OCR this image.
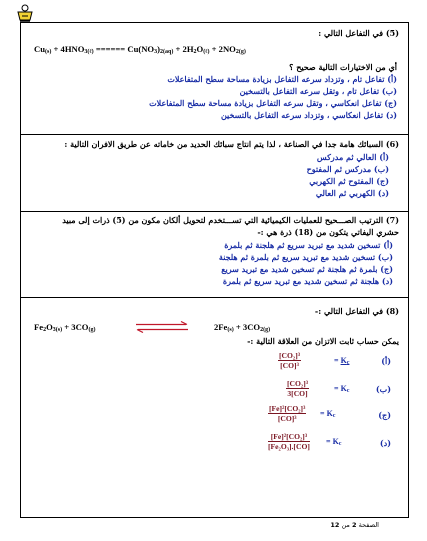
(5) في التفاعل التالي :
$Cu_{(s)} + 4HNO_{3(\ell)}$ ====== $Cu(NO_3)_{2(aq)} + 2H_2O_{(\ell)} + 2NO_{2(g)}$
أي من الاختيارات التالية صحيح ؟
(أ) تفاعل تام ، وتزداد سرعه التفاعل بزيادة مساحة سطح المتفاعلات
(ب) تفاعل تام ، وتقل سرعه التفاعل بالتسخين
(ج) تفاعل انعكاسي ، وتقل سرعه التفاعل بزيادة مساحة سطح المتفاعلات
(د) تفاعل انعكاسي ، وتزداد سرعه التفاعل بالتسخين
(6) السبائك هامة جدا في الصناعة ، لذا يتم انتاج سبائك الحديد من خاماته عن طريق الافران التالية :
(أ) العالي ثم مدركس
(ب) مدركس ثم المفتوح
(ج) المفتوح ثم الكهربي
(د) الكهربي ثم العالي
(7) الترتيب الصـــحيح للعمليات الكيميائية التي تســـتخدم لتحويل ألكان مكون من (5) ذرات إلى مبيد
حشري اليفاتي يتكون من (18) ذرة هي :-
(أ) تسخين شديد مع تبريد سريع ثم هلجنة ثم بلمرة
(ب) تسخين شديد مع تبريد سريع ثم بلمرة ثم هلجنة
(ج) بلمرة ثم هلجنة ثم تسخين شديد مع تبريد سريع
(د) هلجنة ثم تسخين شديد مع تبريد سريع ثم بلمرة
(8) في التفاعل التالي :-
$Fe_2O_{3(s)} + 3CO_{(g)}$ ⇌	$2Fe_{(s)} + 3CO_{2(g)}$
يمكن حساب ثابت الاتزان من العلاقة التالية :-
(أ)
$\frac{\text{[CO₂]³}}{\text{[CO]³}}$	= $K_c$
(ب)
$\frac{\text{[CO₂]³}}{3[CO]}$	= $K_c$
(ج)
$\frac{\text{[Fe]²[CO₂]³}}{\text{[CO]³}} = K_c$
(د)
$\frac{\text{[Fe]²[CO₂]³}}{\text{[Fe₂O₃].[CO]}} = K_c$
الصفحة 2 من 12
